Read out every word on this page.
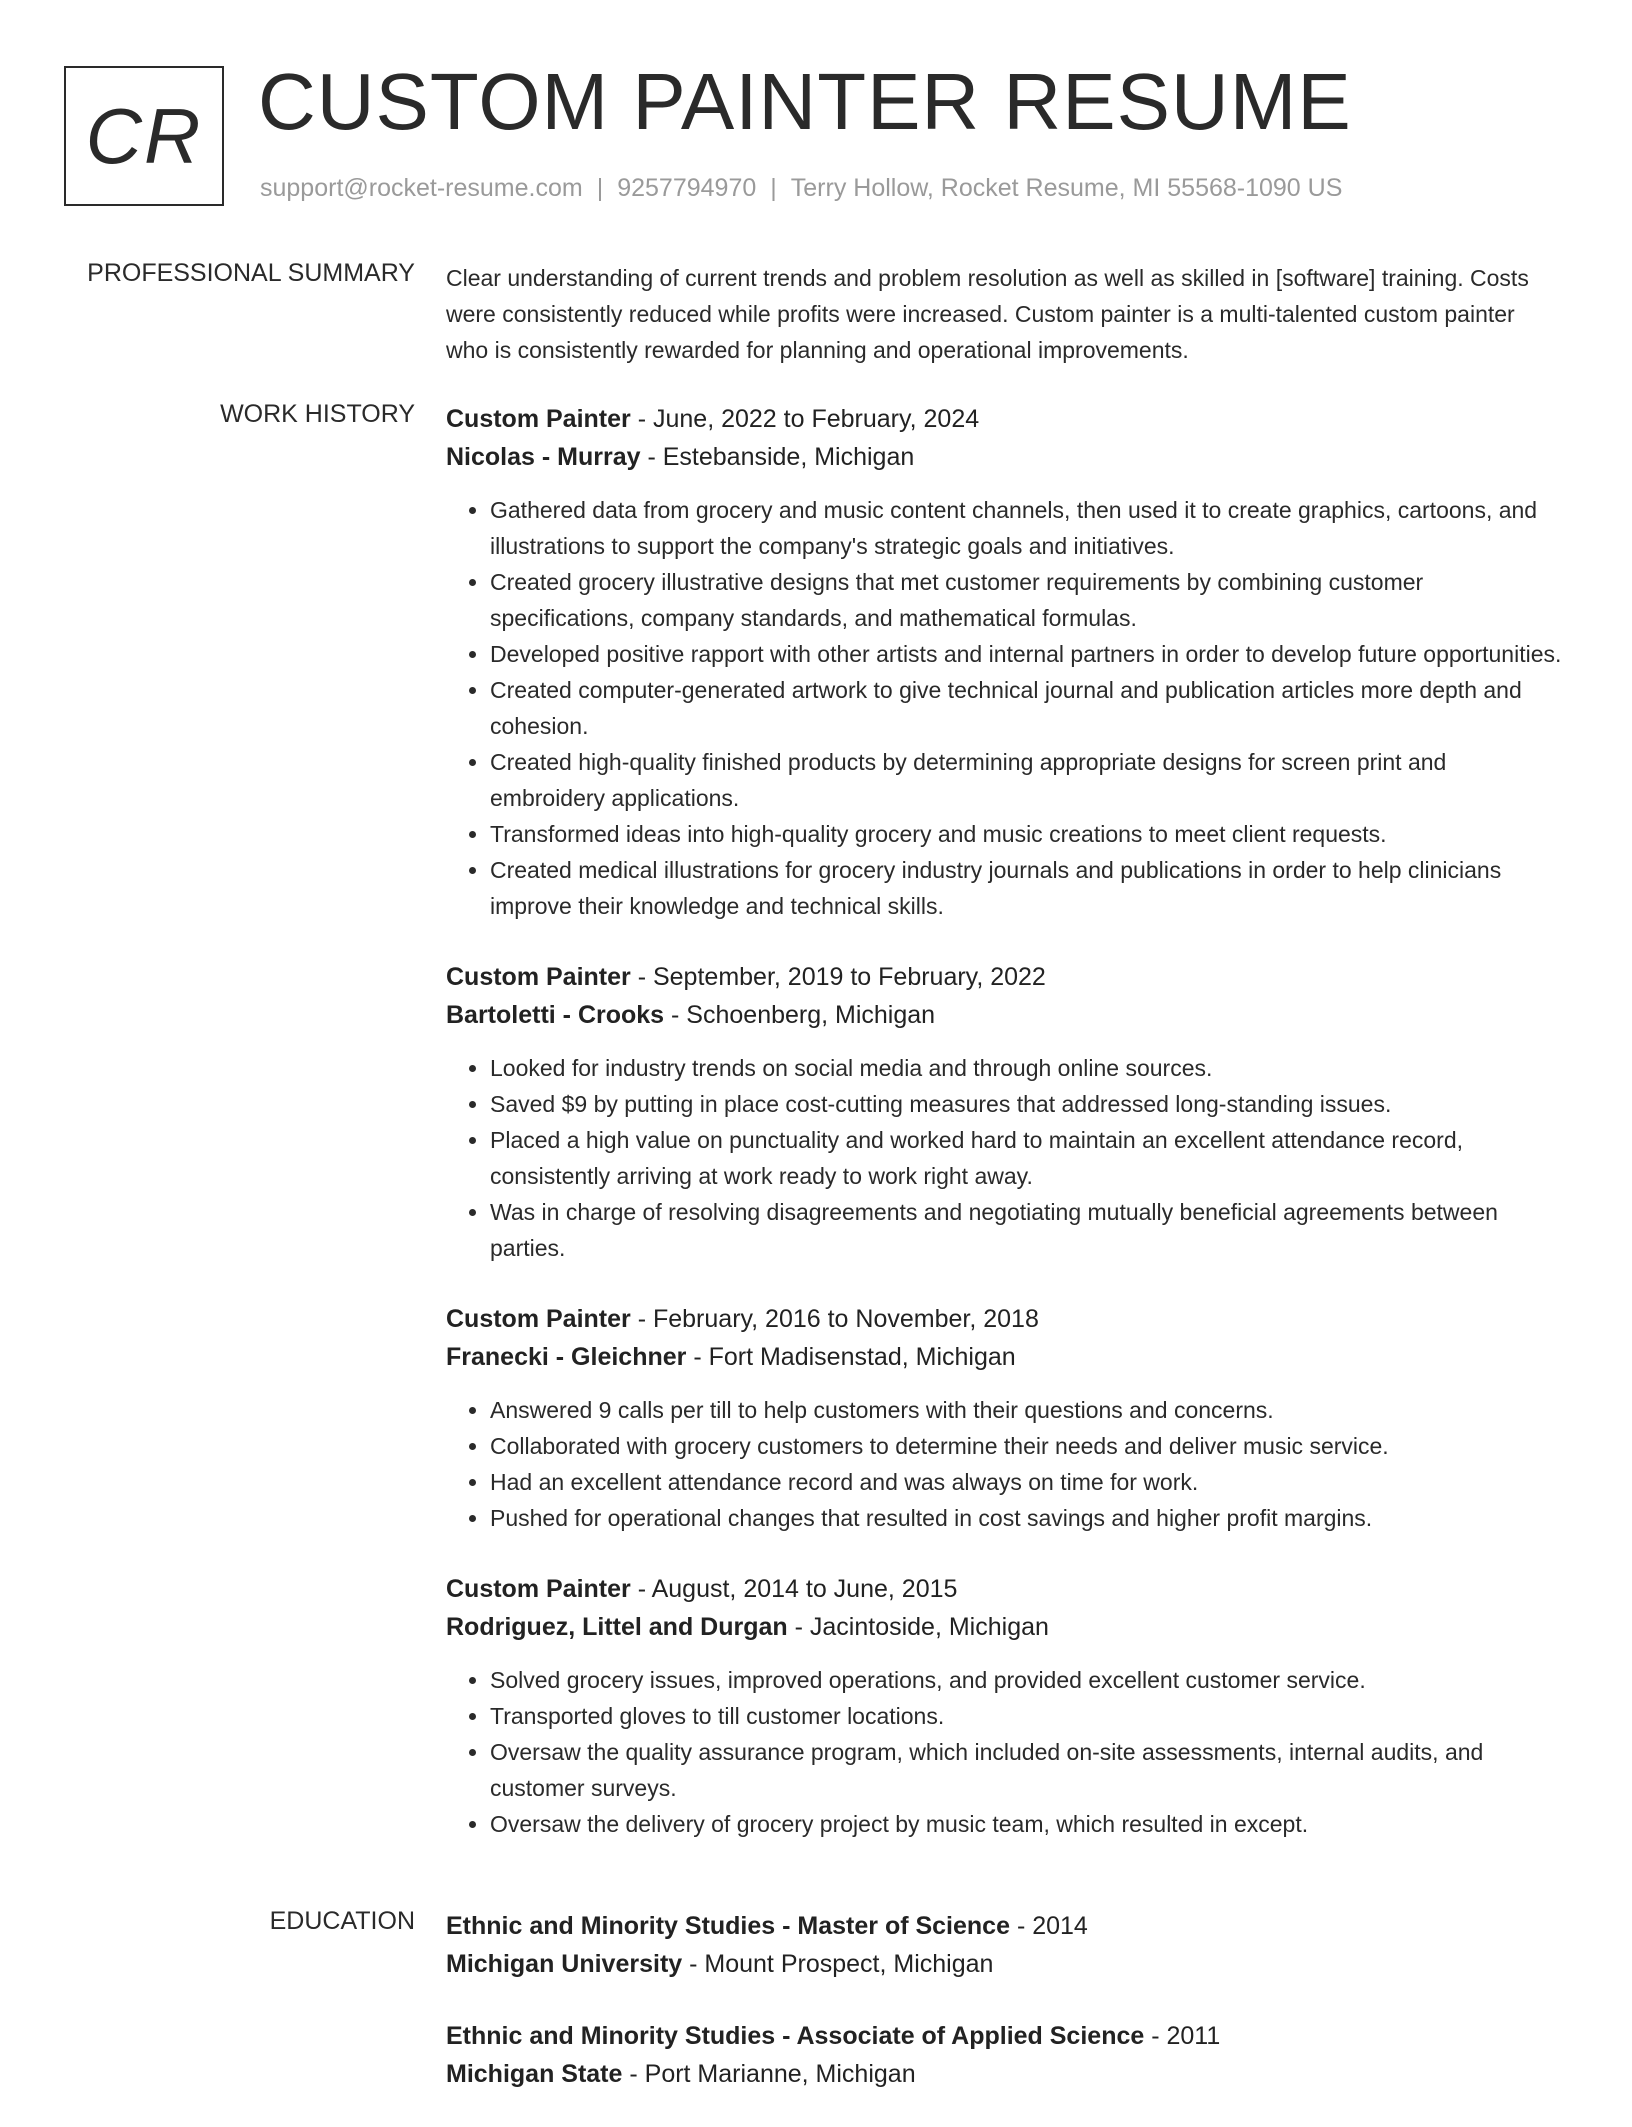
CR CUSTOM PAINTER RESUME
support@rocket-resume.com | 9257794970 | Terry Hollow, Rocket Resume, MI 55568-1090 US
PROFESSIONAL SUMMARY Clear understanding of current trends and problem resolution as well as skilled in [software] training. Costs were consistently reduced while profits were increased. Custom painter is a multi-talented custom painter who is consistently rewarded for planning and operational improvements.

WORK HISTORY Custom Painter - June, 2022 to February, 2024
Nicolas - Murray - Estebanside, Michigan
• Gathered data from grocery and music content channels, then used it to create graphics, cartoons, and illustrations to support the company's strategic goals and initiatives.
• Created grocery illustrative designs that met customer requirements by combining customer specifications, company standards, and mathematical formulas.
• Developed positive rapport with other artists and internal partners in order to develop future opportunities.
• Created computer-generated artwork to give technical journal and publication articles more depth and cohesion.
• Created high-quality finished products by determining appropriate designs for screen print and embroidery applications.
• Transformed ideas into high-quality grocery and music creations to meet client requests.
• Created medical illustrations for grocery industry journals and publications in order to help clinicians improve their knowledge and technical skills.
Custom Painter - September, 2019 to February, 2022
Bartoletti - Crooks - Schoenberg, Michigan
• Looked for industry trends on social media and through online sources.
• Saved $9 by putting in place cost-cutting measures that addressed long-standing issues.
• Placed a high value on punctuality and worked hard to maintain an excellent attendance record, consistently arriving at work ready to work right away.
• Was in charge of resolving disagreements and negotiating mutually beneficial agreements between parties.
Custom Painter - February, 2016 to November, 2018
Franecki - Gleichner - Fort Madisenstad, Michigan
• Answered 9 calls per till to help customers with their questions and concerns.
• Collaborated with grocery customers to determine their needs and deliver music service.
• Had an excellent attendance record and was always on time for work.
• Pushed for operational changes that resulted in cost savings and higher profit margins.
Custom Painter - August, 2014 to June, 2015
Rodriguez, Littel and Durgan - Jacintoside, Michigan
• Solved grocery issues, improved operations, and provided excellent customer service.
• Transported gloves to till customer locations.
• Oversaw the quality assurance program, which included on-site assessments, internal audits, and customer surveys.
• Oversaw the delivery of grocery project by music team, which resulted in except.
EDUCATION Ethnic and Minority Studies - Master of Science - 2014
Michigan University - Mount Prospect, Michigan
Ethnic and Minority Studies - Associate of Applied Science - 2011
Michigan State - Port Marianne, Michigan
